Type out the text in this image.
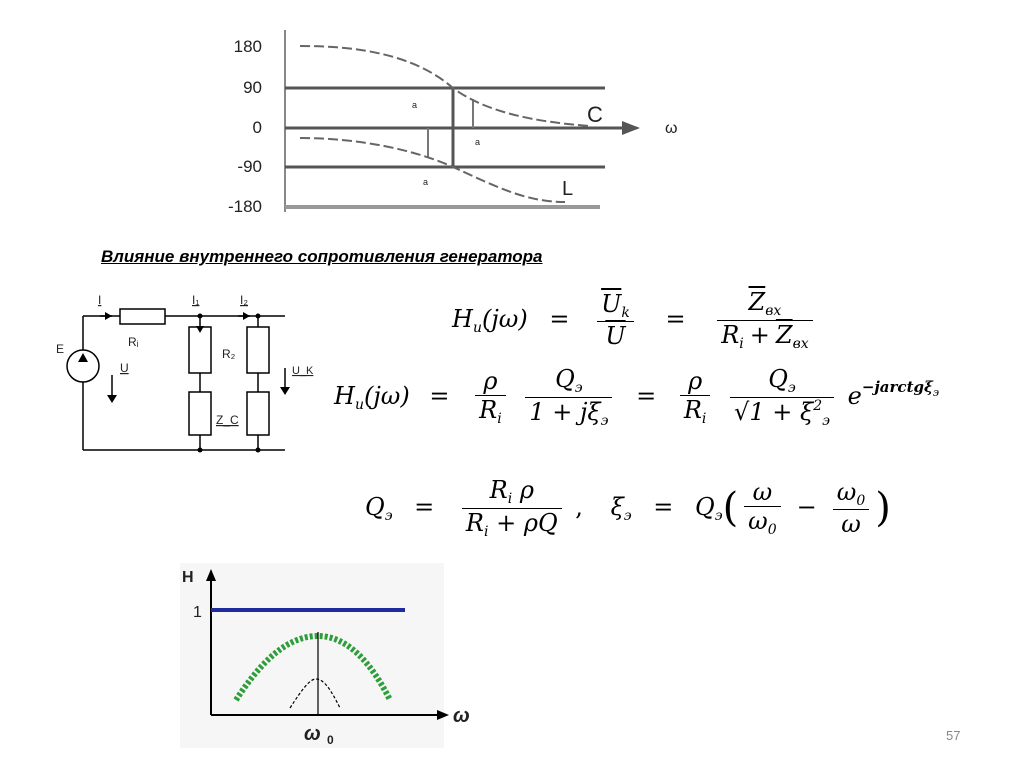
180
90
0
-90
-180
ω
C
L
a
a
a
Влияние внутреннего сопротивления генератора
E
I
Rᵢ
I₁	I₂
R₂
Z_C
U	U_K
$H_u(j\omega) = \frac{\overline{U}_k}{U} = \frac{\overline{Z}_{вх}}{R_i + \overline{Z}_{вх}}$
$H_u(j\omega) = \frac{\rho}{R_i}$
$\frac{Q_э}{1 + j\xi_э} = \frac{\rho}{R_i}$
$\frac{Q_э}{√1 + \xi^2_э} e^{-jarctg\xi э}$
$Q_э = \frac{R_i \rho}{R_i + \rho Q}$ , $\xi_э = Q_э( \frac{\omega}{\omega_0} - \frac{\omega_0}{\omega}$ )
H
1
ω
ω 0	57
